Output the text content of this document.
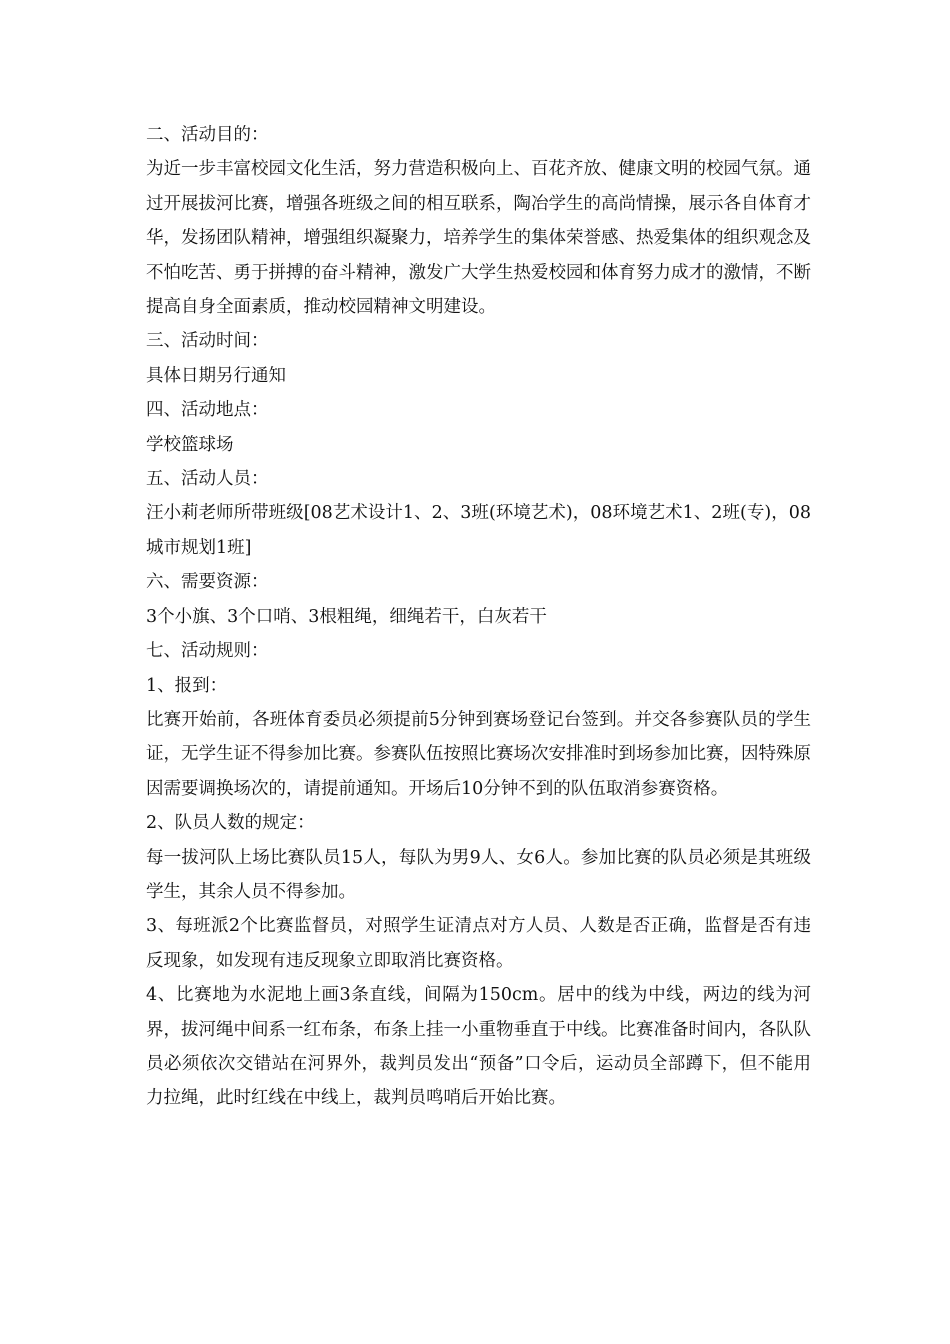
二、活动目的：

为近一步丰富校园文化生活，努力营造积极向上、百花齐放、健康文明的校园气氛。通过开展拔河比赛，增强各班级之间的相互联系，陶冶学生的高尚情操，展示各自体育才华，发扬团队精神，增强组织凝聚力，培养学生的集体荣誉感、热爱集体的组织观念及不怕吃苦、勇于拼搏的奋斗精神，激发广大学生热爱校园和体育努力成才的激情，不断提高自身全面素质，推动校园精神文明建设。

三、活动时间：

具体日期另行通知

四、活动地点：

学校篮球场

五、活动人员：

汪小莉老师所带班级[08艺术设计1、2、3班(环境艺术)，08环境艺术1、2班(专)，08城市规划1班]

六、需要资源：

3个小旗、3个口哨、3根粗绳，细绳若干，白灰若干

七、活动规则：

1、报到：

比赛开始前，各班体育委员必须提前5分钟到赛场登记台签到。并交各参赛队员的学生证，无学生证不得参加比赛。参赛队伍按照比赛场次安排准时到场参加比赛，因特殊原因需要调换场次的，请提前通知。开场后10分钟不到的队伍取消参赛资格。

2、队员人数的规定：

每一拔河队上场比赛队员15人，每队为男9人、女6人。参加比赛的队员必须是其班级学生，其余人员不得参加。

3、每班派2个比赛监督员，对照学生证清点对方人员、人数是否正确，监督是否有违反现象，如发现有违反现象立即取消比赛资格。

4、比赛地为水泥地上画3条直线，间隔为150cm。居中的线为中线，两边的线为河界，拔河绳中间系一红布条，布条上挂一小重物垂直于中线。比赛准备时间内，各队队员必须依次交错站在河界外，裁判员发出“预备”口令后，运动员全部蹲下，但不能用力拉绳，此时红线在中线上，裁判员鸣哨后开始比赛。
